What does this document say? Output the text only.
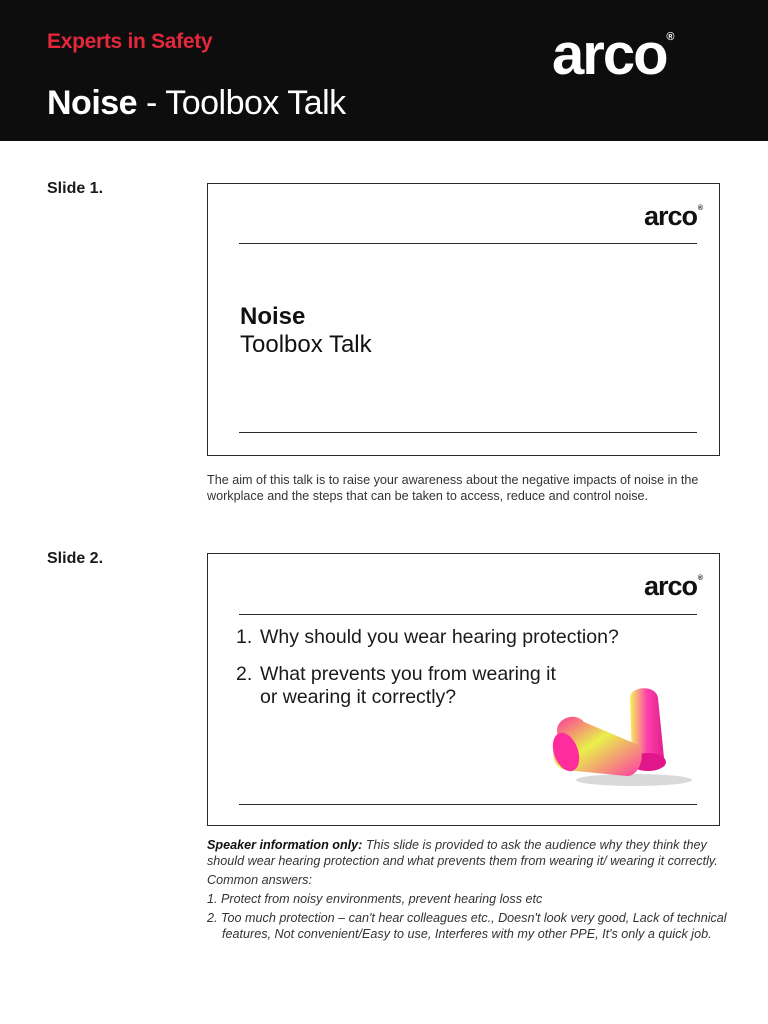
Experts in Safety
Noise - Toolbox Talk
arco ®
Slide 1.
arco ®
Noise
Toolbox Talk
The aim of this talk is to raise your awareness about the negative impacts of noise in the workplace and the steps that can be taken to access, reduce and control noise.
Slide 2.
arco ®
1. Why should you wear hearing protection?
2. What prevents you from wearing it
or wearing it correctly?

Speaker information only: This slide is provided to ask the audience why they think they should wear hearing protection and what prevents them from wearing it/ wearing it correctly.

Common answers:

1. Protect from noisy environments, prevent hearing loss etc

2. Too much protection – can't hear colleagues etc., Doesn't look very good, Lack of technical features, Not convenient/Easy to use, Interferes with my other PPE, It's only a quick job.
